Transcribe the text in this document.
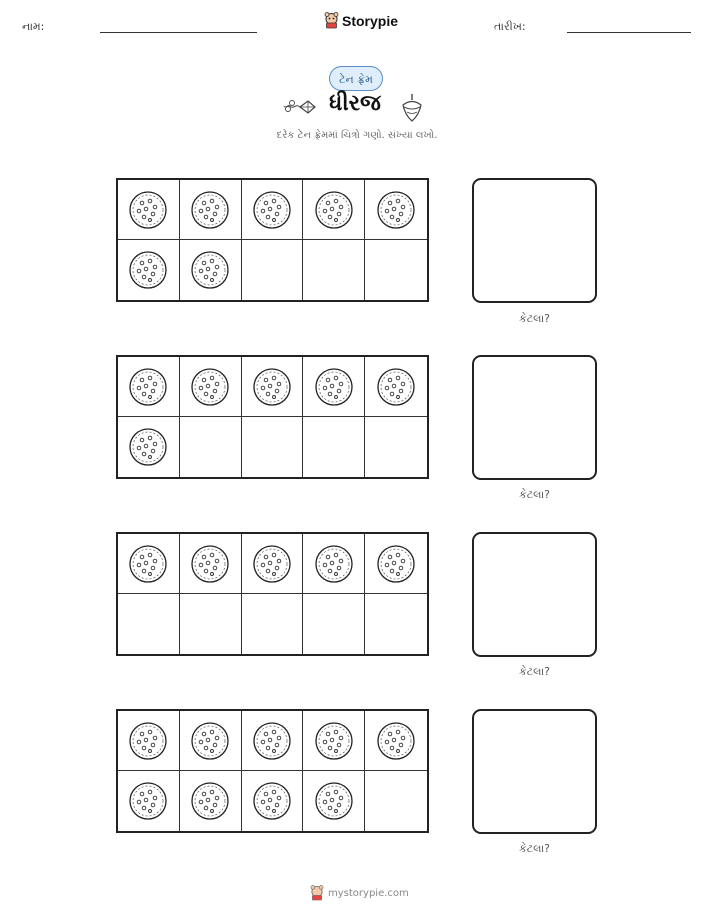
નામ:	Storypie	તારીખ:
ટેન ફ્રેમ
ધીરજ
દરેક ટેન ફ્રેમમાં ચિત્રો ગણો. સંખ્યા લખો.
કેટલા?
કેટલા?
કેટલા?
કેટલા?
mystorypie.com
